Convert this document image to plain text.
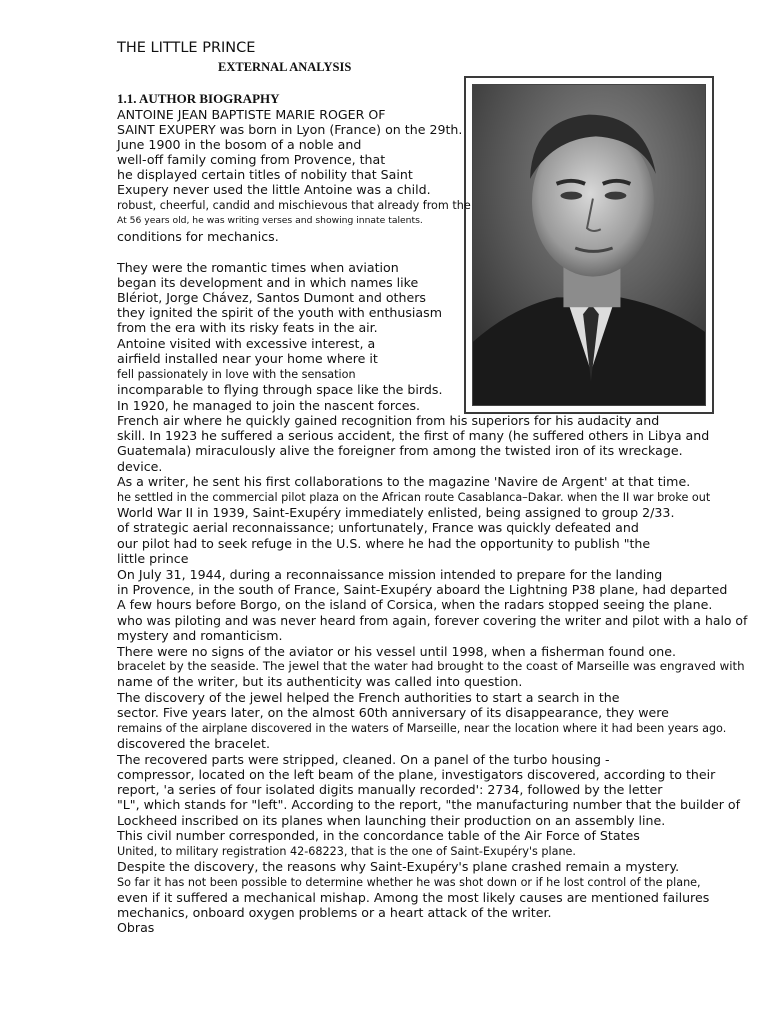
THE LITTLE PRINCE
EXTERNAL ANALYSIS
1.1. AUTHOR BIOGRAPHY
ANTOINE JEAN BAPTISTE MARIE ROGER OF
SAINT EXUPERY was born in Lyon (France) on the 29th.
June 1900 in the bosom of a noble and
well-off family coming from Provence, that
he displayed certain titles of nobility that Saint
Exupery never used the little Antoine was a child.
robust, cheerful, candid and mischievous that already from the
At 56 years old, he was writing verses and showing innate talents.
conditions for mechanics.
They were the romantic times when aviation
began its development and in which names like
Blériot, Jorge Chávez, Santos Dumont and others
they ignited the spirit of the youth with enthusiasm
from the era with its risky feats in the air.
Antoine visited with excessive interest, a
airfield installed near your home where it
fell passionately in love with the sensation
incomparable to flying through space like the birds.
In 1920, he managed to join the nascent forces.
French air where he quickly gained recognition from his superiors for his audacity and
skill. In 1923 he suffered a serious accident, the first of many (he suffered others in Libya and
Guatemala) miraculously alive the foreigner from among the twisted iron of its wreckage.
device.
As a writer, he sent his first collaborations to the magazine 'Navire de Argent' at that time.
he settled in the commercial pilot plaza on the African route Casablanca–Dakar. when the II war broke out
World War II in 1939, Saint-Exupéry immediately enlisted, being assigned to group 2/33.
of strategic aerial reconnaissance; unfortunately, France was quickly defeated and
our pilot had to seek refuge in the U.S. where he had the opportunity to publish "the
little prince
On July 31, 1944, during a reconnaissance mission intended to prepare for the landing
in Provence, in the south of France, Saint-Exupéry aboard the Lightning P38 plane, had departed
A few hours before Borgo, on the island of Corsica, when the radars stopped seeing the plane.
who was piloting and was never heard from again, forever covering the writer and pilot with a halo of
mystery and romanticism.
There were no signs of the aviator or his vessel until 1998, when a fisherman found one.
bracelet by the seaside. The jewel that the water had brought to the coast of Marseille was engraved with
name of the writer, but its authenticity was called into question.
The discovery of the jewel helped the French authorities to start a search in the
sector. Five years later, on the almost 60th anniversary of its disappearance, they were
remains of the airplane discovered in the waters of Marseille, near the location where it had been years ago.
discovered the bracelet.
The recovered parts were stripped, cleaned. On a panel of the turbo housing -
compressor, located on the left beam of the plane, investigators discovered, according to their
report, 'a series of four isolated digits manually recorded': 2734, followed by the letter
"L", which stands for "left". According to the report, "the manufacturing number that the builder of
Lockheed inscribed on its planes when launching their production on an assembly line.
This civil number corresponded, in the concordance table of the Air Force of States
United, to military registration 42-68223, that is the one of Saint-Exupéry's plane.
Despite the discovery, the reasons why Saint-Exupéry's plane crashed remain a mystery.
So far it has not been possible to determine whether he was shot down or if he lost control of the plane,
even if it suffered a mechanical mishap. Among the most likely causes are mentioned failures
mechanics, onboard oxygen problems or a heart attack of the writer.
Obras
